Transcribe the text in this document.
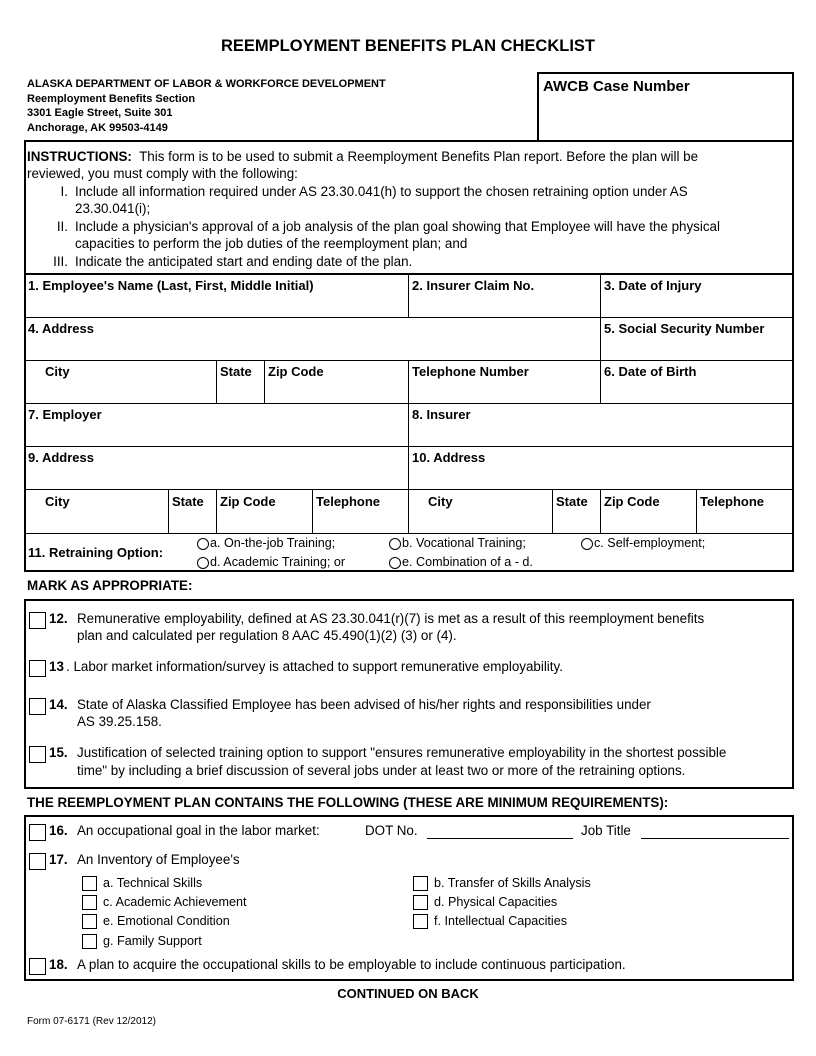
REEMPLOYMENT BENEFITS PLAN CHECKLIST
ALASKA DEPARTMENT OF LABOR & WORKFORCE DEVELOPMENT
Reemployment Benefits Section
3301 Eagle Street, Suite 301
Anchorage, AK 99503-4149
AWCB Case Number
INSTRUCTIONS: This form is to be used to submit a Reemployment Benefits Plan report. Before the plan will be
reviewed, you must comply with the following:
I. Include all information required under AS 23.30.041(h) to support the chosen retraining option under AS
23.30.041(i);
II. Include a physician's approval of a job analysis of the plan goal showing that Employee will have the physical
capacities to perform the job duties of the reemployment plan; and
III. Indicate the anticipated start and ending date of the plan.
1. Employee's Name (Last, First, Middle Initial)	2. Insurer Claim No.	3. Date of Injury
4. Address	5. Social Security Number
City	State Zip Code	Telephone Number	6. Date of Birth
7. Employer	8. Insurer
9. Address	10. Address
City	State Zip Code	Telephone	City	State Zip Code	Telephone
11. Retraining Option:
a. On-the-job Training;	b. Vocational Training;	c. Self-employment;
d. Academic Training; or	e. Combination of a - d.
MARK AS APPROPRIATE:
12. Remunerative employability, defined at AS 23.30.041(r)(7) is met as a result of this reemployment benefits
plan and calculated per regulation 8 AAC 45.490(1)(2) (3) or (4).
13 . Labor market information/survey is attached to support remunerative employability.
14. State of Alaska Classified Employee has been advised of his/her rights and responsibilities under
AS 39.25.158.
15. Justification of selected training option to support "ensures remunerative employability in the shortest possible
time" by including a brief discussion of several jobs under at least two or more of the retraining options.
THE REEMPLOYMENT PLAN CONTAINS THE FOLLOWING (THESE ARE MINIMUM REQUIREMENTS):
16. An occupational goal in the labor market:	DOT No.	Job Title
17. An Inventory of Employee's
a. Technical Skills	b. Transfer of Skills Analysis
c. Academic Achievement	d. Physical Capacities
e. Emotional Condition	f. Intellectual Capacities
g. Family Support
18. A plan to acquire the occupational skills to be employable to include continuous participation.
CONTINUED ON BACK
Form 07-6171 (Rev 12/2012)
